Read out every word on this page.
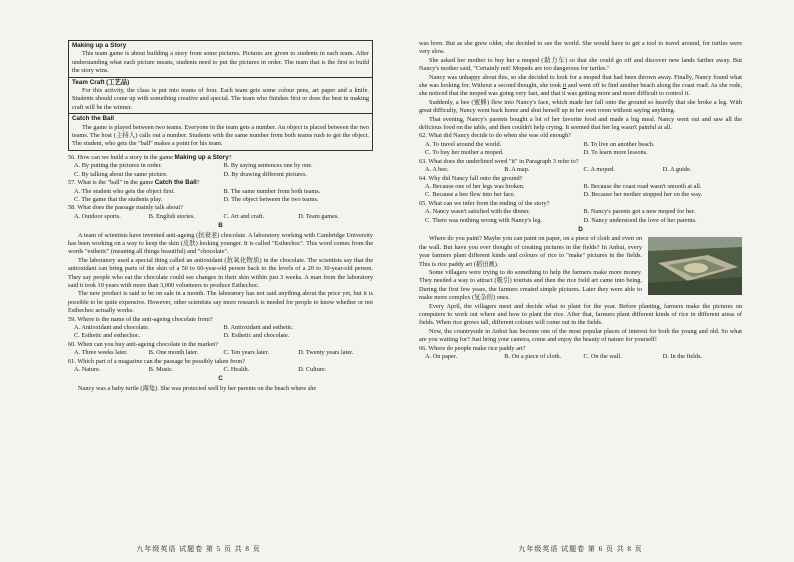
Making up a Story

This team game is about building a story from some pictures. Pictures are given to students in each team. After understanding what each picture means, students need to put the pictures in order. The team that is the first to build the story wins.

Team Craft (工艺品)

For this activity, the class is put into teams of four. Each team gets some colour pens, art paper and a knife. Students should come up with something creative and special. The team who finishes first or does the best in making craft will be the winner.

Catch the Ball

The game is played between two teams. Everyone in the team gets a number. An object is placed between the two teams. The host (主持人) calls out a number. Students with the same number from both teams rush to get the object. The student, who gets the "ball" makes a point for his team.

56. How can we build a story in the game Making up a Story?

A. By putting the pictures in order.	B. By saying sentences one by one.
C. By talking about the same picture.	D. By drawing different pictures.

57. What is the "ball" in the game Catch the Ball?

A. The student who gets the object first.	B. The same number from both teams.
C. The game that the students play.	D. The object between the two teams.

58. What does the passage mainly talk about?

A. Outdoor sports.	B. English stories.	C. Art and craft.	D. Team games.
B

A team of scientists have invented anti-ageing (抗衰老) chocolate. A laboratory working with Cambridge University has been working on a way to keep the skin (皮肤) looking younger. It is called "Esthechoc". This word comes from the words "esthetic" (meaning all things beautiful) and "chocolate".

The laboratory used a special thing called an antioxidant (抗氧化物质) in the chocolate. The scientists say that the antioxidant can bring parts of the skin of a 50 to 60-year-old person back to the levels of a 20 to 30-year-old person. They say people who eat the chocolate could see changes in their skin within just 3 weeks. A man from the laboratory said it took 10 years with more than 3,000 volunteers to produce Esthechoc.

The new product is said to be on sale in a month. The laboratory has not said anything about the price yet, but it is possible to be quite expensive. However, other scientists say more research is needed for people to know whether or not Esthechoc actually works.

59. Where is the name of the anti-ageing chocolate from?

A. Antioxidant and chocolate.	B. Antioxidant and esthetic.
C. Esthetic and esthechoc.	D. Esthetic and chocolate.

60. When can you buy anti-ageing chocolate in the market?

A. Three weeks later.	B. One month later.	C. Ten years later.	D. Twenty years later.

61. Which part of a magazine can the passage be possibly taken from?

A. Nature.	B. Music.	C. Health.	D. Culture.
C

Nancy was a baby turtle (海龟). She was protected well by her parents on the beach where she

九年级英语 试题卷 第 5 页 共 8 页

was born. But as she grew older, she decided to see the world. She would have to get a tool to travel around, for turtles were very slow.

She asked her mother to buy her a moped (助力车) so that she could go off and discover new lands farther away. But Nancy's mother said, "Certainly not! Mopeds are too dangerous for turtles."

Nancy was unhappy about this, so she decided to look for a moped that had been thrown away. Finally, Nancy found what she was looking for. Without a second thought, she took it and went off to find another beach along the coast road. As she rode, she noticed that the moped was going very fast, and that it was getting more and more difficult to control it.

Suddenly, a bee (蜜蜂) flew into Nancy's face, which made her fall onto the ground so heavily that she broke a leg. With great difficulty, Nancy went back home and shut herself up in her own room without saying anything.

That evening, Nancy's parents bought a lot of her favorite food and made a big meal. Nancy went out and saw all the delicious food on the table, and then couldn't help crying. It seemed that her leg wasn't painful at all.

62. What did Nancy decide to do when she was old enough?

A. To travel around the world.	B. To live on another beach.
C. To buy her mother a moped.	D. To learn more lessons.

63. What does the underlined word "it" in Paragraph 3 refer to?

A. A bee.	B. A map.	C. A moped.	D. A guide.

64. Why did Nancy fall onto the ground?

A. Because one of her legs was broken.	B. Because the coast road wasn't smooth at all.
C. Because a bee flew into her face.	D. Because her mother stopped her on the way.

65. What can we infer from the ending of the story?

A. Nancy wasn't satisfied with the dinner.	B. Nancy's parents got a new moped for her.
C. There was nothing wrong with Nancy's leg.	D. Nancy understood the love of her parents.
D

Where do you paint? Maybe you can paint on paper, on a piece of cloth and even on the wall. But have you ever thought of creating pictures in the fields? In Anhui, every year farmers plant different kinds and colours of rice to "make" pictures in the fields. This is rice paddy art (稻田画).

Some villagers were trying to do something to help the farmers make more money. They needed a way to attract (吸引) tourists and then the rice field art came into being. During the first few years, the farmers created simple pictures. Later they were able to make more complex (复杂的) ones.

Every April, the villagers meet and decide what to plant for the year. Before planting, farmers make the pictures on computers to work out where and how to plant the rice. After that, farmers plant different kinds of rice in different areas of fields. When rice grows tall, different colours will come out in the fields.

Now, the countryside in Anhui has become one of the most popular places of interest for both the young and old. So what are you waiting for? Just bring your camera, come and enjoy the beauty of nature for yourself!

66. Where do people make rice paddy art?

A. On paper.	B. On a piece of cloth.	C. On the wall.	D. In the fields.
九年级英语 试题卷 第 6 页 共 8 页
